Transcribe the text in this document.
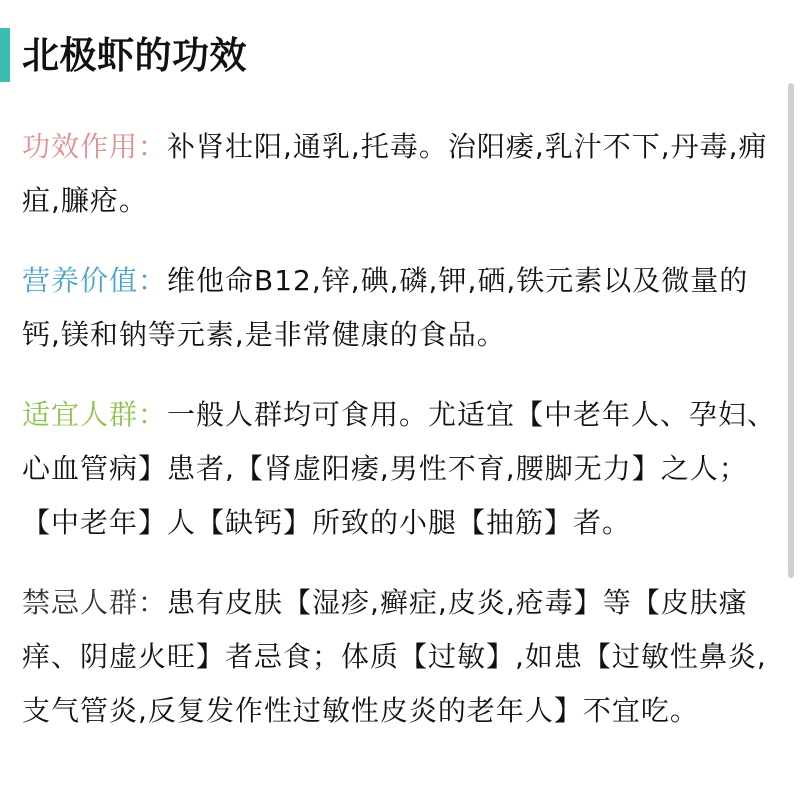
北极虾的功效
功效作用：补肾壮阳,通乳,托毒。治阳痿,乳汁不下,丹毒,痈疽,臁疮。
营养价值：维他命B12,锌,碘,磷,钾,硒,铁元素以及微量的钙,镁和钠等元素,是非常健康的食品。
适宜人群：一般人群均可食用。尤适宜【中老年人、孕妇、心血管病】患者,【肾虚阳痿,男性不育,腰脚无力】之人；【中老年】人【缺钙】所致的小腿【抽筋】者。
禁忌人群：患有皮肤【湿疹,癣症,皮炎,疮毒】等【皮肤瘙痒、阴虚火旺】者忌食；体质【过敏】,如患【过敏性鼻炎,支气管炎,反复发作性过敏性皮炎的老年人】不宜吃。
